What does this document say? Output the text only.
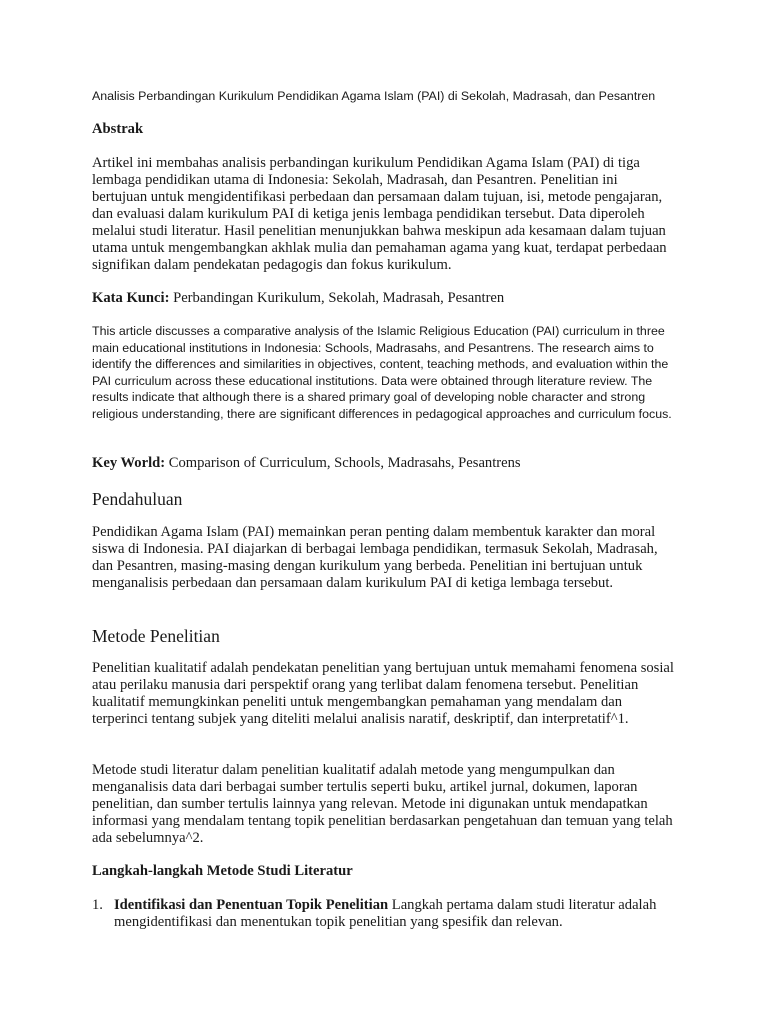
Analisis Perbandingan Kurikulum Pendidikan Agama Islam (PAI) di Sekolah, Madrasah, dan Pesantren
Abstrak

Artikel ini membahas analisis perbandingan kurikulum Pendidikan Agama Islam (PAI) di tiga lembaga pendidikan utama di Indonesia: Sekolah, Madrasah, dan Pesantren. Penelitian ini bertujuan untuk mengidentifikasi perbedaan dan persamaan dalam tujuan, isi, metode pengajaran, dan evaluasi dalam kurikulum PAI di ketiga jenis lembaga pendidikan tersebut. Data diperoleh melalui studi literatur. Hasil penelitian menunjukkan bahwa meskipun ada kesamaan dalam tujuan utama untuk mengembangkan akhlak mulia dan pemahaman agama yang kuat, terdapat perbedaan signifikan dalam pendekatan pedagogis dan fokus kurikulum.

Kata Kunci: Perbandingan Kurikulum, Sekolah, Madrasah, Pesantren

This article discusses a comparative analysis of the Islamic Religious Education (PAI) curriculum in three main educational institutions in Indonesia: Schools, Madrasahs, and Pesantrens. The research aims to identify the differences and similarities in objectives, content, teaching methods, and evaluation within the PAI curriculum across these educational institutions. Data were obtained through literature review. The results indicate that although there is a shared primary goal of developing noble character and strong religious understanding, there are significant differences in pedagogical approaches and curriculum focus.

Key World: Comparison of Curriculum, Schools, Madrasahs, Pesantrens
Pendahuluan

Pendidikan Agama Islam (PAI) memainkan peran penting dalam membentuk karakter dan moral siswa di Indonesia. PAI diajarkan di berbagai lembaga pendidikan, termasuk Sekolah, Madrasah, dan Pesantren, masing-masing dengan kurikulum yang berbeda. Penelitian ini bertujuan untuk menganalisis perbedaan dan persamaan dalam kurikulum PAI di ketiga lembaga tersebut.

Metode Penelitian

Penelitian kualitatif adalah pendekatan penelitian yang bertujuan untuk memahami fenomena sosial atau perilaku manusia dari perspektif orang yang terlibat dalam fenomena tersebut. Penelitian kualitatif memungkinkan peneliti untuk mengembangkan pemahaman yang mendalam dan terperinci tentang subjek yang diteliti melalui analisis naratif, deskriptif, dan interpretatif^1.

Metode studi literatur dalam penelitian kualitatif adalah metode yang mengumpulkan dan menganalisis data dari berbagai sumber tertulis seperti buku, artikel jurnal, dokumen, laporan penelitian, dan sumber tertulis lainnya yang relevan. Metode ini digunakan untuk mendapatkan informasi yang mendalam tentang topik penelitian berdasarkan pengetahuan dan temuan yang telah ada sebelumnya^2.

Langkah-langkah Metode Studi Literatur
1. Identifikasi dan Penentuan Topik Penelitian Langkah pertama dalam studi literatur adalah mengidentifikasi dan menentukan topik penelitian yang spesifik dan relevan.
